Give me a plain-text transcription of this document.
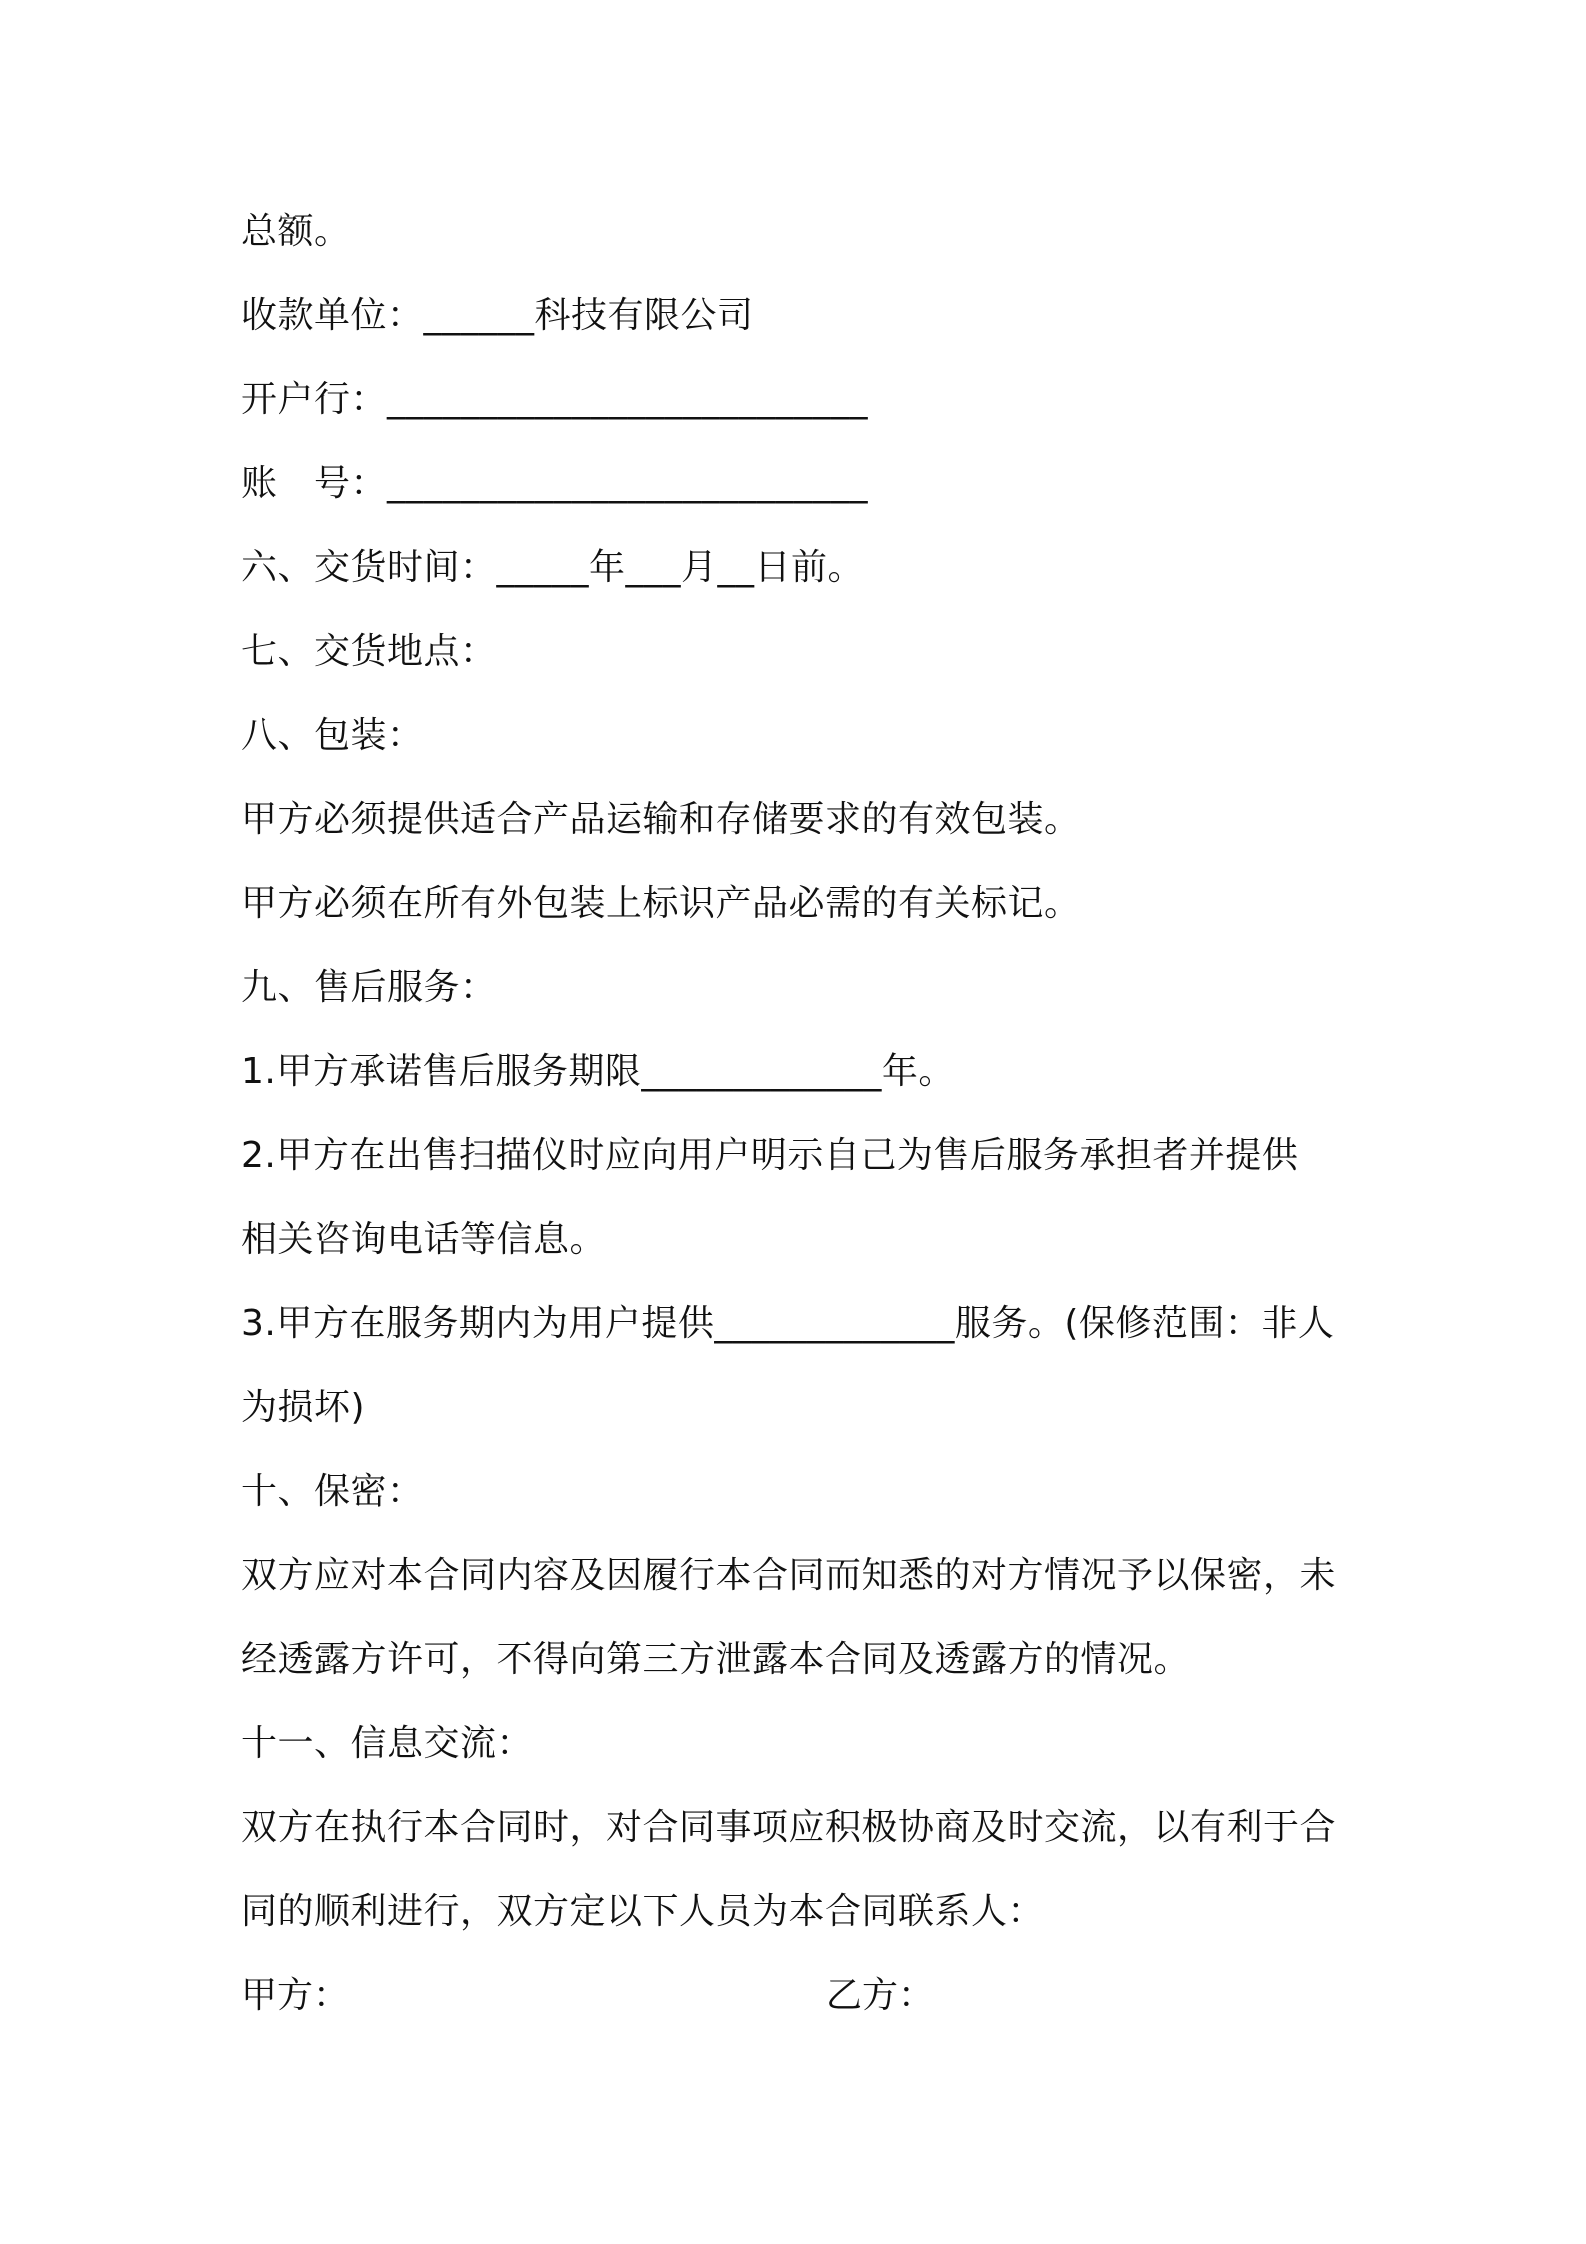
总额。
收款单位：______科技有限公司
开户行：__________________________
账　号：__________________________
六、交货时间：_____年___月__日前。
七、交货地点：
八、包装：
甲方必须提供适合产品运输和存储要求的有效包装。
甲方必须在所有外包装上标识产品必需的有关标记。
九、售后服务：
1.甲方承诺售后服务期限_____________年。
2.甲方在出售扫描仪时应向用户明示自己为售后服务承担者并提供
相关咨询电话等信息。
3.甲方在服务期内为用户提供_____________服务。(保修范围：非人
为损坏)
十、保密：
双方应对本合同内容及因履行本合同而知悉的对方情况予以保密，未
经透露方许可，不得向第三方泄露本合同及透露方的情况。
十一、信息交流：
双方在执行本合同时，对合同事项应积极协商及时交流，以有利于合
同的顺利进行，双方定以下人员为本合同联系人：
甲方：	乙方：
